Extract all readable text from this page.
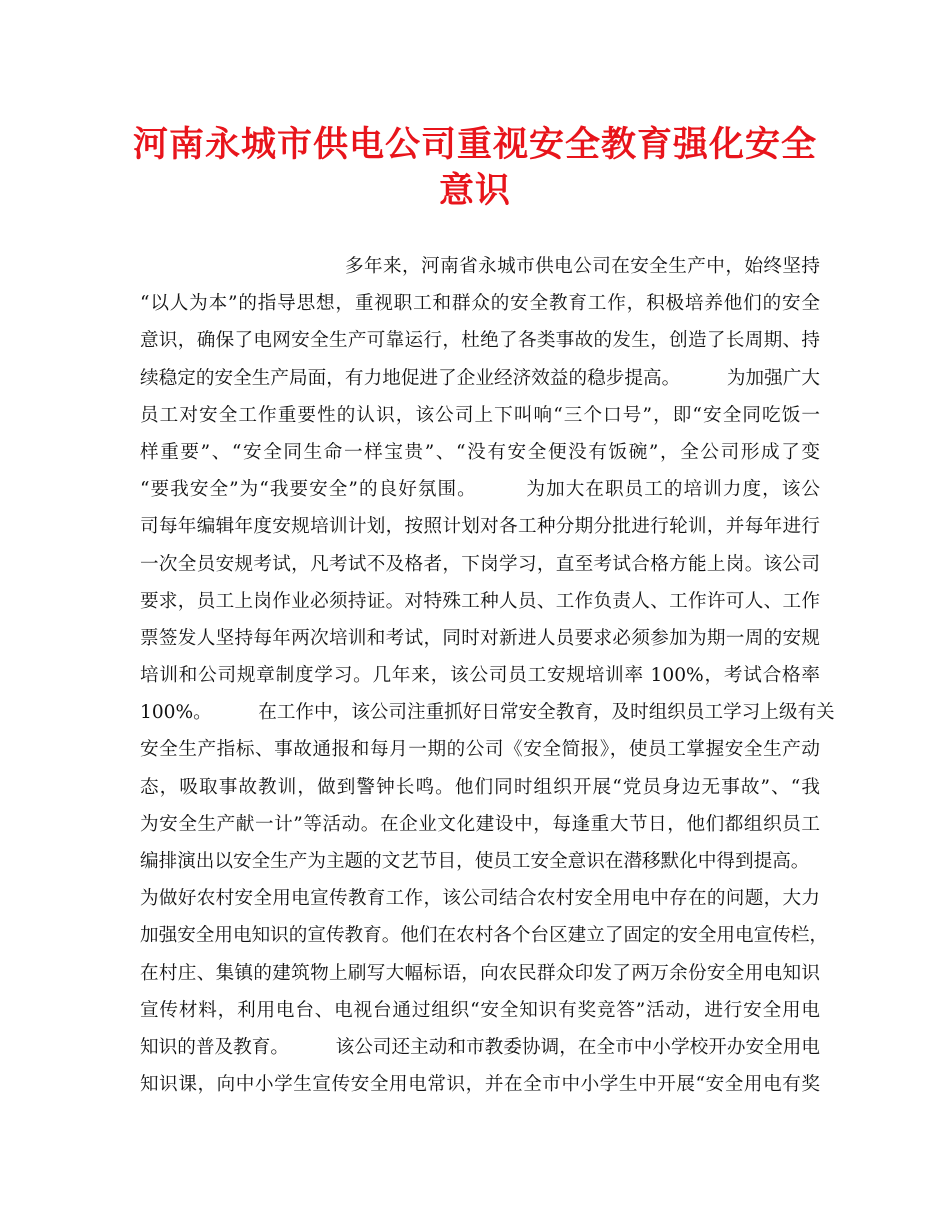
河南永城市供电公司重视安全教育强化安全
意识
多年来，河南省永城市供电公司在安全生产中，始终坚持
“以人为本”的指导思想，重视职工和群众的安全教育工作，积极培养他们的安全
意识，确保了电网安全生产可靠运行，杜绝了各类事故的发生，创造了长周期、持
续稳定的安全生产局面，有力地促进了企业经济效益的稳步提高。　　　为加强广大
员工对安全工作重要性的认识，该公司上下叫响“三个口号”，即“安全同吃饭一
样重要”、“安全同生命一样宝贵”、“没有安全便没有饭碗”，全公司形成了变
“要我安全”为“我要安全”的良好氛围。　　　为加大在职员工的培训力度，该公
司每年编辑年度安规培训计划，按照计划对各工种分期分批进行轮训，并每年进行
一次全员安规考试，凡考试不及格者，下岗学习，直至考试合格方能上岗。该公司
要求，员工上岗作业必须持证。对特殊工种人员、工作负责人、工作许可人、工作
票签发人坚持每年两次培训和考试，同时对新进人员要求必须参加为期一周的安规
培训和公司规章制度学习。几年来，该公司员工安规培训率 100%，考试合格率
100%。　　　在工作中，该公司注重抓好日常安全教育，及时组织员工学习上级有关
安全生产指标、事故通报和每月一期的公司《安全简报》，使员工掌握安全生产动
态，吸取事故教训，做到警钟长鸣。他们同时组织开展“党员身边无事故”、“我
为安全生产献一计”等活动。在企业文化建设中，每逢重大节日，他们都组织员工
编排演出以安全生产为主题的文艺节目，使员工安全意识在潜移默化中得到提高。
为做好农村安全用电宣传教育工作，该公司结合农村安全用电中存在的问题，大力
加强安全用电知识的宣传教育。他们在农村各个台区建立了固定的安全用电宣传栏，
在村庄、集镇的建筑物上刷写大幅标语，向农民群众印发了两万余份安全用电知识
宣传材料，利用电台、电视台通过组织“安全知识有奖竞答”活动，进行安全用电
知识的普及教育。　　　该公司还主动和市教委协调，在全市中小学校开办安全用电
知识课，向中小学生宣传安全用电常识，并在全市中小学生中开展“安全用电有奖
